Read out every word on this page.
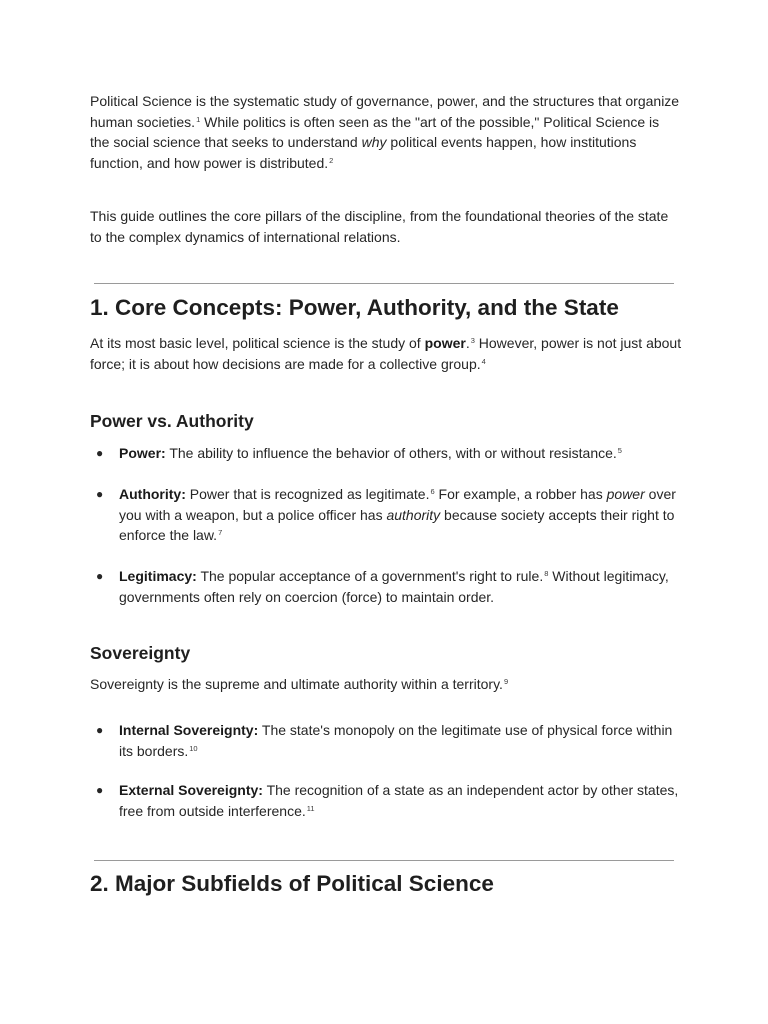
Political Science is the systematic study of governance, power, and the structures that organize human societies.$^1$ While politics is often seen as the "art of the possible," Political Science is the social science that seeks to understand why political events happen, how institutions function, and how power is distributed.$^2$

This guide outlines the core pillars of the discipline, from the foundational theories of the state to the complex dynamics of international relations.

1. Core Concepts: Power, Authority, and the State

At its most basic level, political science is the study of power.$^3$ However, power is not just about force; it is about how decisions are made for a collective group.$^4$

Power vs. Authority
● Power: The ability to influence the behavior of others, with or without resistance.$^5$
● Authority: Power that is recognized as legitimate.$^6$ For example, a robber has power over you with a weapon, but a police officer has authority because society accepts their right to enforce the law.$^7$
● Legitimacy: The popular acceptance of a government's right to rule.$^8$ Without legitimacy, governments often rely on coercion (force) to maintain order.
Sovereignty

Sovereignty is the supreme and ultimate authority within a territory.$^9$

● Internal Sovereignty: The state's monopoly on the legitimate use of physical force within its borders.$^{10}$
● External Sovereignty: The recognition of a state as an independent actor by other states, free from outside interference.$^{11}$
2. Major Subfields of Political Science
